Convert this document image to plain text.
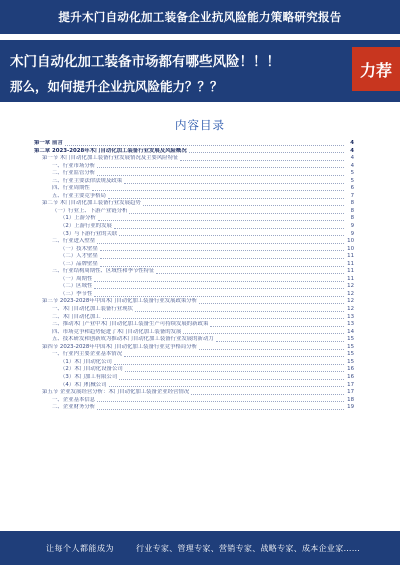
提升木门自动化加工装备企业抗风险能力策略研究报告
木门自动化加工装备市场都有哪些风险！！！
那么，如何提升企业抗风险能力？？？
力荐
内容目录
第一章 前言	4
第二章 2023-2028年木门自动化加工装备行业发展及风险概况	4
第一节 木门自动化加工装备行业发展情况及主要风险特征	4
一、行业市场分析	4
二、行业监管分析	5
三、行业主要法律法规及政策	5
四、行业周期性	6
五、行业主要竞争格局	7
第二节 木门自动化加工装备行业发展趋势	8
（一）行业上、下游产业链分析	8
（1）上游分析	8
（2）上游行业的发展	9
（3）与下游行业的关联	9
二、行业进入壁垒	10
（一）技术壁垒	10
（二）人才壁垒	11
（三）品牌壁垒	11
三、行业结构周期性、区域性和季节性特征	11
（一）周期性	11
（二）区域性	12
（三）季节性	12
第三节 2023-2028年中国木门自动化加工装备行业发展政策分析	12
一、木门自动化加工装备行业现状	12
二、木门自动化加工	13
三、推动木门产业中木门自动化加工装备生产可持续发展的新政策	13
四、市场竞争和趋势促进了木门自动化加工装备的发展	14
五、技术研发和创新成为推动木门自动化加工装备行业发展的新动力	15
第四节 2023-2028年中国木门自动化加工装备行业竞争格局分析	15
一、行业内主要企业基本情况	15
（1）木门自动化公司	15
（2）木门自动化设备公司	16
（3）木门加工有限公司	16
（4）木门机械公司	17
第五节 企业发展经营分析：木门自动化加工装备企业经营情况	17
一、企业基本信息	18
二、企业财务分析	19
让每个人都能成为	行业专家、管理专家、营销专家、战略专家、成本企业家……
